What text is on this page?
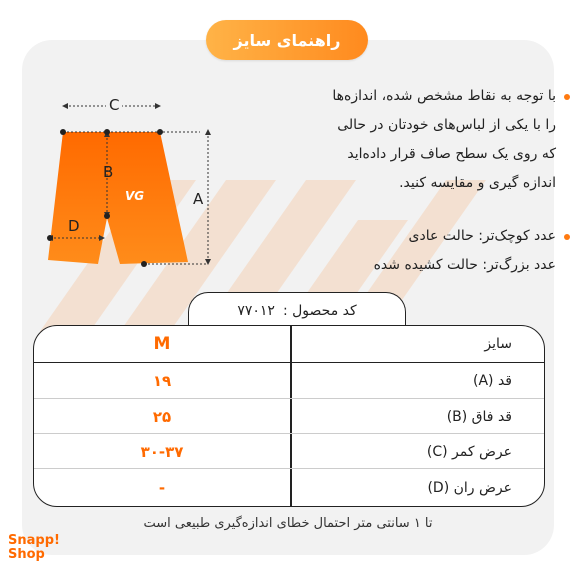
راهنمای سایز
VG
C
B
A
D
با توجه به نقاط مشخص شده، اندازه‌ها
را با یکی از لباس‌های خودتان در حالی
که روی یک سطح صاف قرار داده‌اید
اندازه گیری و مقایسه کنید.
عدد کوچک‌تر: حالت عادی
عدد بزرگ‌تر: حالت کشیده شده
کد محصول :
۷۷۰۱۲
M	سایز
۱۹	قد (A)
۲۵	قد فاق (B)
۳۰-۳۷	عرض کمر (C)
-	عرض ران (D)
تا ۱ سانتی متر احتمال خطای اندازه‌گیری طبیعی است
Snapp!
Shop
